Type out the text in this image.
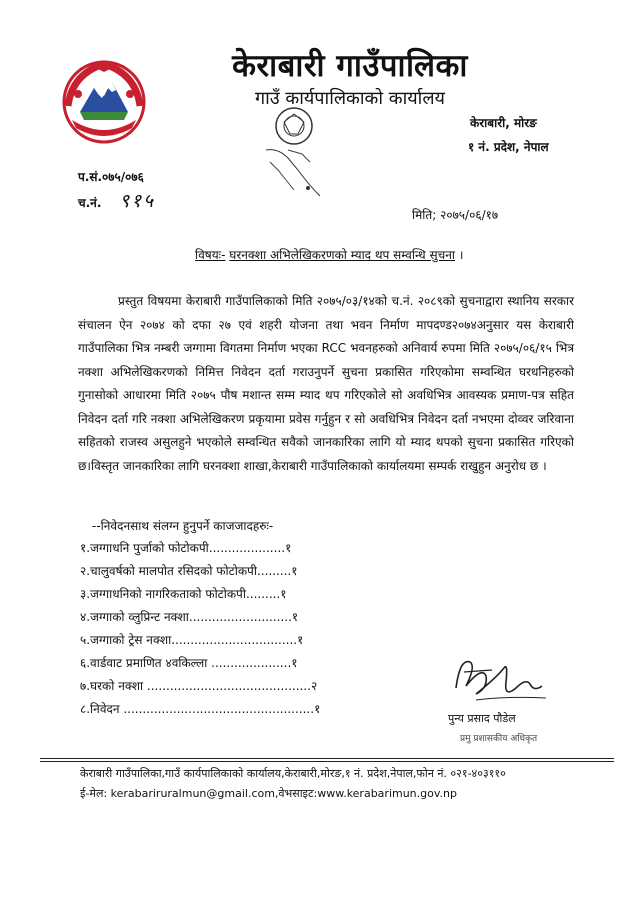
केराबारी गाउँपालिका
गाउँ कार्यपालिकाको कार्यालय
केराबारी, मोरङ
१ नं. प्रदेश, नेपाल
प.सं.०७५/०७६
च.नं. ९१५
मिति; २०७५/०६/१७
विषयः- घरनक्शा अभिलेखिकरणको म्याद थप सम्वन्धि सुचना ।
प्रस्तुत विषयमा केराबारी गाउँपालिकाको मिति २०७५/०३/१४को च.नं. २०८९को सुचनाद्वारा स्थानिय सरकार संचालन ऐन २०७४ को दफा २७ एवं शहरी योजना तथा भवन निर्माण मापदण्ड२०७४अनुसार यस केराबारी गाउँपालिका भित्र नम्बरी जग्गामा विगतमा निर्माण भएका RCC भवनहरुको अनिवार्य रुपमा मिति २०७५/०६/१५ भित्र नक्शा अभिलेखिकरणको निमित्त निवेदन दर्ता गराउनुपर्ने सुचना प्रकासित गरिएकोमा सम्वन्धित घरधनिहरुको गुनासोको आधारमा मिति २०७५ पौष मशान्त सम्म म्याद थप गरिएकोले सो अवधिभित्र आवस्यक प्रमाण-पत्र सहित निवेदन दर्ता गरि नक्शा अभिलेखिकरण प्रकृयामा प्रवेस गर्नुहुन र सो अवधिभित्र निवेदन दर्ता नभएमा दोव्वर जरिवाना सहितको राजस्व असुलहुने भएकोले सम्वन्धित सवैको जानकारिका लागि यो म्याद थपको सुचना प्रकासित गरिएको छ।विस्तृत जानकारिका लागि घरनक्शा शाखा,केराबारी गाउँपालिकाको कार्यालयमा सम्पर्क राखुहुन अनुरोध छ ।
--निवेदनसाथ संलग्न हुनुपर्ने काजजादहरुः-
१.जग्गाधनि पुर्जाको फोटोकपी....................१
२.चालुवर्षको मालपोत रसिदको फोटोकपी.........१
३.जग्गाधनिको नागरिकताको फोटोकपी.........१
४.जग्गाको व्लुप्रिन्ट नक्शा...........................१
५.जग्गाको ट्रेस नक्शा.................................१
६.वार्डवाट प्रमाणित ४वकिल्ला .....................१
७.घरको नक्शा ...........................................२
८.निवेदन ..................................................१
पुन्य प्रसाद पौडेल
प्रमु प्रशासकीय अधिकृत
केराबारी गाउँपालिका,गाउँ कार्यपालिकाको कार्यालय,केराबारी,मोरङ,१ नं. प्रदेश,नेपाल,फोन नं. ०२१-४०३११०
ई-मेल: kerabariruralmun@gmail.com,वेभसाइट:www.kerabarimun.gov.np
